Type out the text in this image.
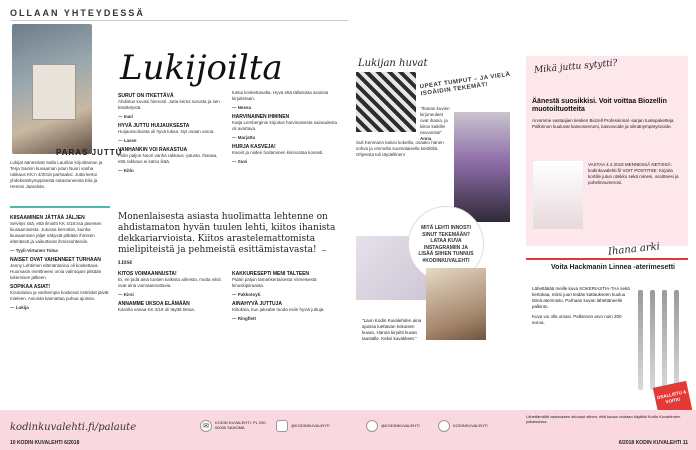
OLLAAN YHTEYDESSÄ
Lukijoilta
PARAS JUTTU
Lukijat äänestivät Salla Laurilan kirjoittaman ja Terja Saimin kuvaaman jutun Nuori vanha rakkaus KK:n 4/2018 parhaaksi. Jutta kertoi yhdeksänkymppisestä rakastuneesta Eila ja Hemmi Jaaralsta.
KIISAAMINEN JÄTTÄÄ JÄLJEN

Selvitys sitä, että ilmoitti KK 4/18:ssa jäsenten kiusaamisesta. Jutussa kerrottiin, kuinka kiusaamisen jäljet näkyvät pitkään ihmisen elämässä ja vaikuttavat ihmissuhteisiin.

— Tyyli-Virtanen Tolsa

NAISET OVAT VAHENNEET TURHAAN

Jenny Lehtimen elämäntarina oli koskettava. Huomasin miettineeni omia valintojani pitkään lukemisen jälkeen.

SOPIKAA ASIAT!

Koululaisia ja vanhempia koskevat ristiriidat jäivät mieleen. Asioista kannattaa puhua ajoissa.

— Lukija

SURUT ON ITKETTÄVÄ

Ahdistus kuvasi hienosti. Jutta kertoi surusta ja sen käsittelystä.

— Inari

HYVÄ JUTTU HUIJAUKSESTA

Huijaussoitoista oli hyvä lukea. Nyt osaan varoa.

— Lasse

VANHANKIN VOI RAKASTUA

Pidin paljon Nuori vanha rakkaus -jutusta. Ihanaa, että rakkaus ei katso ikää.

— Kitin

tuntui koskettavalta. Hyvä että tällaisista asioista kirjoitetaan.

— Nessa

HARVINAINEN IHMINEN

Katja Lemberginin kirjoitus harvinaisesta sairaudesta oli avartava.

— Marjatta

HURJA KASVEJA!

Kasvit ja niiden hoitaminen kiinnostaa kovasti.

— Suvi

Monenlaisesta asiasta huolimatta lehtenne on ahdistamaton hyvän tuulen lehti, kiitos ihanista dekkariarvioista. Kiitos arastelemattomista mielipiteistä ja pehmeistä esittämistavasta! — LIISI
KITOS VOIMAANNUSTA!

Ei, en pidä aina tuntien kaikista aiheista, mutta vitsit ovat aina voimaannuttavia.

— Kirsi

ANNAMME UKSOA ELÄMÄÄN

Kanslia vanaa KK 4/18 oli täyttä tietoa.

KAKKURESEPTI MENI TALTEEN

Pidän paljon tämänkertaisesta Viimeisestä kinuskipiiraasta.

— Pakkotoyti

AINAHYVÄ JUTTUJA

Kiitoksia, kun jaksatte tuoda esiin hyviä juttuja.

— Ringflett

kodinkuvalehti.fi/palaute	✉
KODIN KUVALEHTI, PL 200, 00040 SANOMA	@KODINKUVALEHTI
10 KODIN KUVALEHTI 6/2018
Lukijan huvat
UPEAT TUMPUT – JA VIELÄ ISOÄIDIN TEKEMÄT!

"Ihanan kuvien kirjoneuleet ovat ihania, ja kiitos kaikille neuvoista!"

Anna

Suli Kenmann kalusi kokeilla, osaako hänen sohva ja ommella suomalaisella keittiöllä. Ohjeesta tuli täydellinen!

MITÄ LEHTI INNOSTI SINUT TEKEMÄÄN? LATAA KUVA INSTAGRAMIIN JA LISÄÄ SIIHEN TUNNUS #KODINKUVALEHTI
"Laon Kodin Kuvalehden aina ajoissa luettavan kokoisen kuvan, Hanna kirjoitti kuvan taustalle. Keksi kuvakkeet."
Mikä juttu sytytti?
Äänestä suosikkisi. Voit voittaa Biozellin muotoiltuotteita
Arvomme vastaajien kesken Biozell Professional -sarjan tuotepaketteja. Palkinnon kuuluvat kasvoseerumi, kasvovoide ja silmänympärysvoide.
VASTAA 4.4.2018 MENNESSÄ NETISSÄ: kodinkuvalehti.fi/ VOIT POSTITSE: Kirjoita kortille jutun otsikko sekä nimesi, osoitteesi ja puhelinnumerosi.
Ihana arki
Voita Hackmanin Linnea -aterimesetti

Lähettäkää meille kuva SOKERIASTIA-TAA sekä kertokaa, miksi juuri teidän kattaukseen kuuluu tämä aterimisto. Parhaan kuvan lähettäneelle palkinto.

Kuva voi olla omasi. Palkinnon arvo noin 200 euroa.

OSALLISTU & VOITA!
@KODINKUVALEHTI	KODINKUVALEHTI
Lähettämällä vastauksen sitoudut siihen, että kuvaa voidaan käyttää Kodin Kuvalehden julkaisuissa.
6/2018 KODIN KUVALEHTI 11
